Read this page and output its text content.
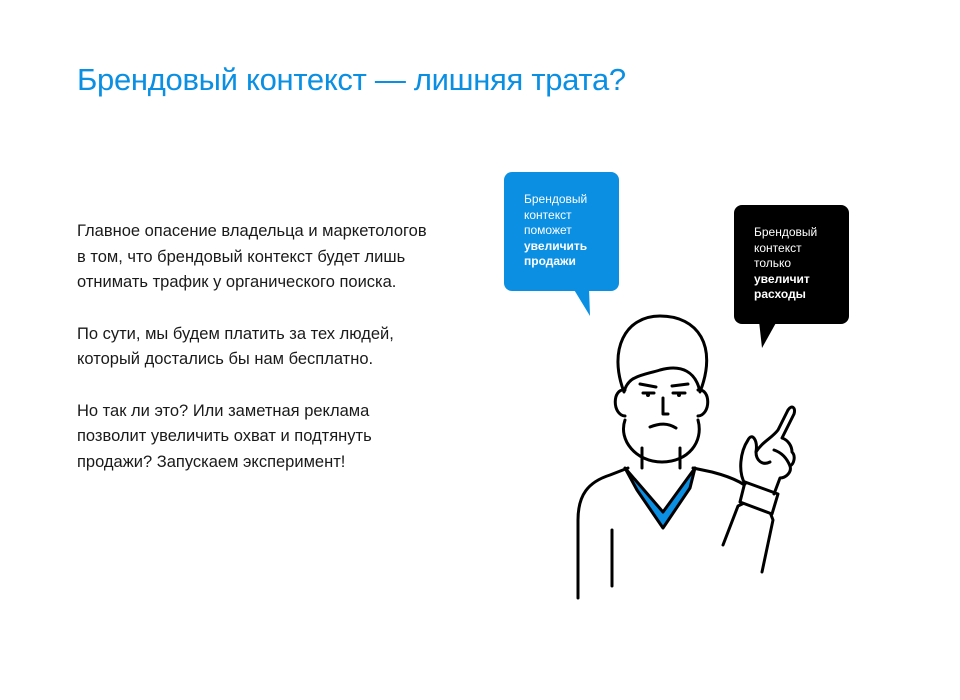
Брендовый контекст — лишняя трата?

Главное опасение владельца и маркетологов в том, что брендовый контекст будет лишь отнимать трафик у органического поиска.

По сути, мы будем платить за тех людей, который достались бы нам бесплатно.

Но так ли это? Или заметная реклама позволит увеличить охват и подтянуть продажи? Запускаем эксперимент!

Брендовый
контекст
поможет
увеличить
продажи
Брендовый
контекст
только
увеличит
расходы
